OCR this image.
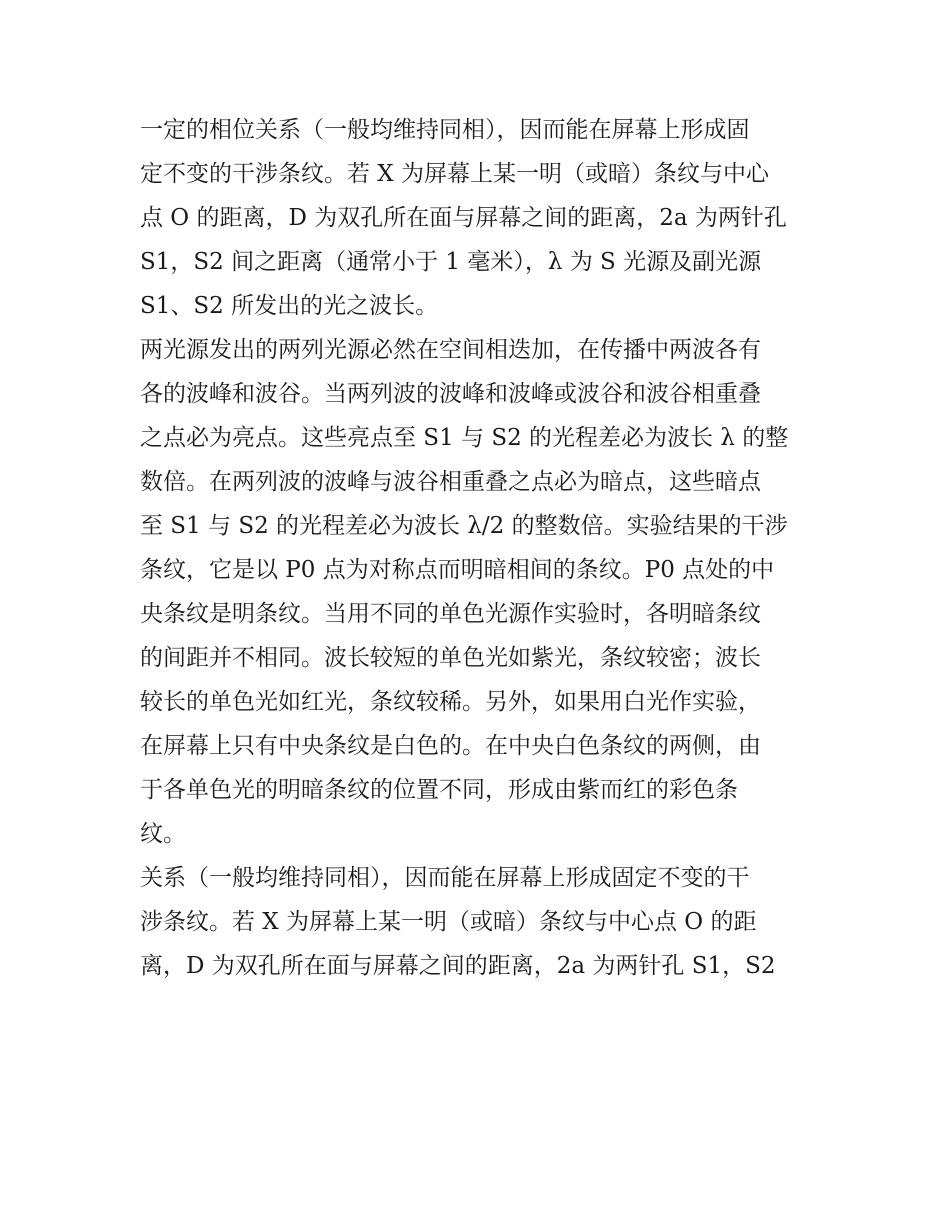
一定的相位关系（一般均维持同相），因而能在屏幕上形成固
定不变的干涉条纹。若 X 为屏幕上某一明（或暗）条纹与中心
点 O 的距离，D 为双孔所在面与屏幕之间的距离，2a 为两针孔
S1，S2 间之距离（通常小于 1 毫米），λ 为 S 光源及副光源
S1、S2 所发出的光之波长。
两光源发出的两列光源必然在空间相迭加，在传播中两波各有
各的波峰和波谷。当两列波的波峰和波峰或波谷和波谷相重叠
之点必为亮点。这些亮点至 S1 与 S2 的光程差必为波长 λ 的整
数倍。在两列波的波峰与波谷相重叠之点必为暗点，这些暗点
至 S1 与 S2 的光程差必为波长 λ/2 的整数倍。实验结果的干涉
条纹，它是以 P0 点为对称点而明暗相间的条纹。P0 点处的中
央条纹是明条纹。当用不同的单色光源作实验时，各明暗条纹
的间距并不相同。波长较短的单色光如紫光，条纹较密；波长
较长的单色光如红光，条纹较稀。另外，如果用白光作实验，
在屏幕上只有中央条纹是白色的。在中央白色条纹的两侧，由
于各单色光的明暗条纹的位置不同，形成由紫而红的彩色条
纹。
关系（一般均维持同相），因而能在屏幕上形成固定不变的干
涉条纹。若 X 为屏幕上某一明（或暗）条纹与中心点 O 的距
离，D 为双孔所在面与屏幕之间的距离，2a 为两针孔 S1，S2
